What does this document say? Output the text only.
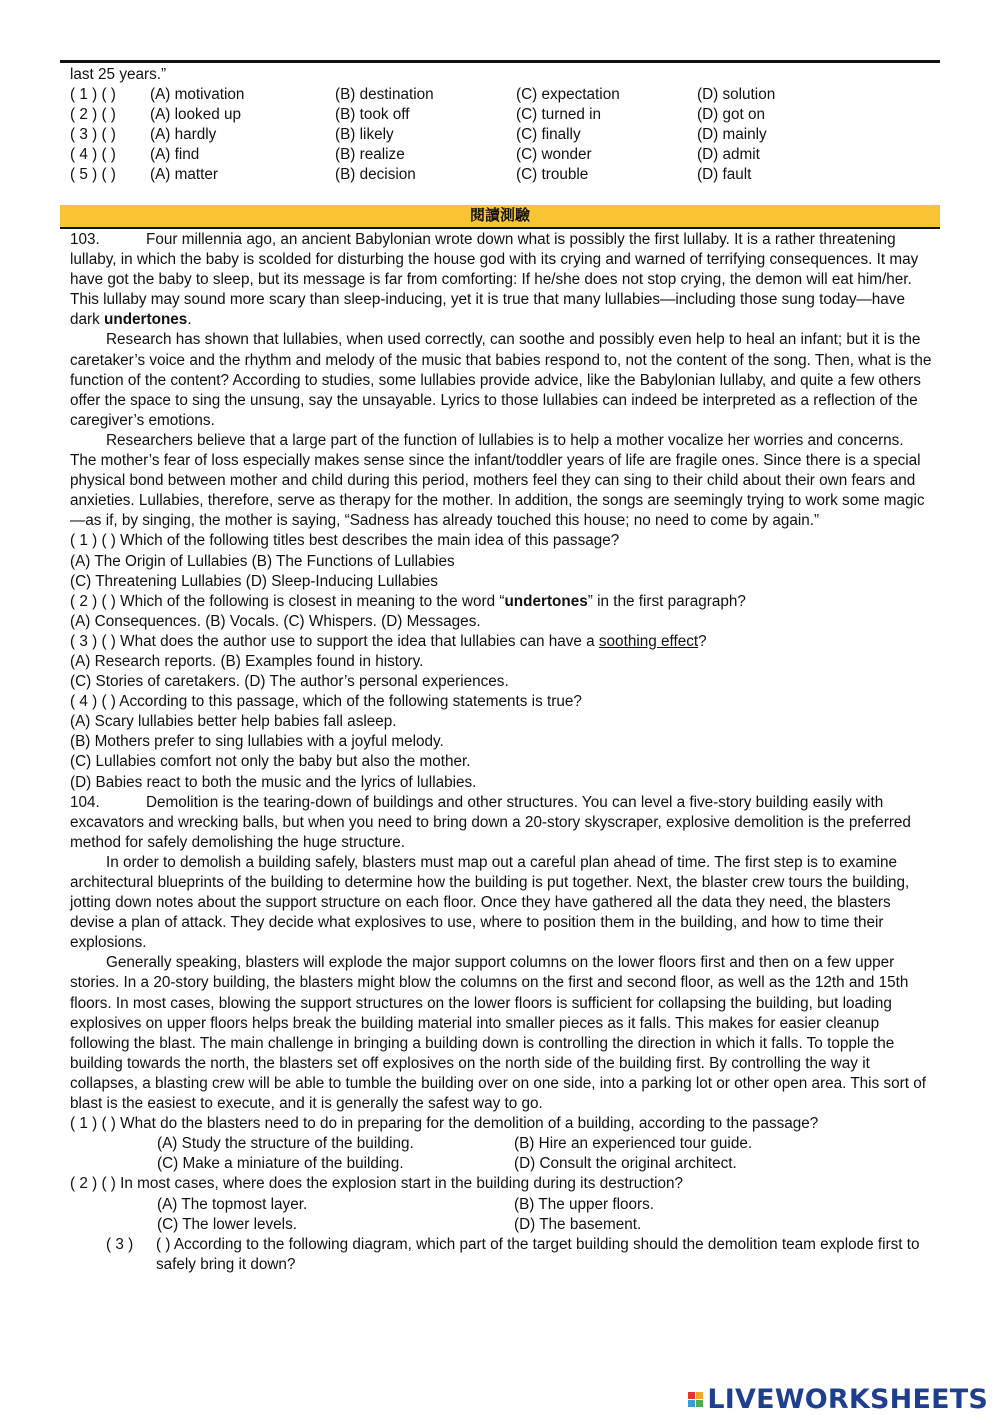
last 25 years.”

( 1 ) ( )	(A) motivation	(B) destination	(C) expectation	(D) solution
( 2 ) ( )	(A) looked up	(B) took off	(C) turned in	(D) got on
( 3 ) ( )	(A) hardly	(B) likely	(C) finally	(D) mainly
( 4 ) ( )	(A) find	(B) realize	(C) wonder	(D) admit
( 5 ) ( )	(A) matter	(B) decision	(C) trouble	(D) fault
閱讀測驗

103.	Four millennia ago, an ancient Babylonian wrote down what is possibly the first lullaby. It is a rather threatening lullaby, in which the baby is scolded for disturbing the house god with its crying and warned of terrifying consequences. It may have got the baby to sleep, but its message is far from comforting: If he/she does not stop crying, the demon will eat him/her. This lullaby may sound more scary than sleep-inducing, yet it is true that many lullabies—including those sung today—have dark undertones.

Research has shown that lullabies, when used correctly, can soothe and possibly even help to heal an infant; but it is the caretaker’s voice and the rhythm and melody of the music that babies respond to, not the content of the song. Then, what is the function of the content? According to studies, some lullabies provide advice, like the Babylonian lullaby, and quite a few others offer the space to sing the unsung, say the unsayable. Lyrics to those lullabies can indeed be interpreted as a reflection of the caregiver’s emotions.

Researchers believe that a large part of the function of lullabies is to help a mother vocalize her worries and concerns. The mother’s fear of loss especially makes sense since the infant/toddler years of life are fragile ones. Since there is a special physical bond between mother and child during this period, mothers feel they can sing to their child about their own fears and anxieties. Lullabies, therefore, serve as therapy for the mother. In addition, the songs are seemingly trying to work some magic—as if, by singing, the mother is saying, “Sadness has already touched this house; no need to come by again.”

( 1 ) ( ) Which of the following titles best describes the main idea of this passage?

(A) The Origin of Lullabies (B) The Functions of Lullabies

(C) Threatening Lullabies (D) Sleep-Inducing Lullabies

( 2 ) ( ) Which of the following is closest in meaning to the word “undertones” in the first paragraph?

(A) Consequences. (B) Vocals. (C) Whispers. (D) Messages.

( 3 ) ( ) What does the author use to support the idea that lullabies can have a soothing effect?

(A) Research reports. (B) Examples found in history.

(C) Stories of caretakers. (D) The author’s personal experiences.

( 4 ) ( ) According to this passage, which of the following statements is true?

(A) Scary lullabies better help babies fall asleep.

(B) Mothers prefer to sing lullabies with a joyful melody.

(C) Lullabies comfort not only the baby but also the mother.

(D) Babies react to both the music and the lyrics of lullabies.

104.	Demolition is the tearing-down of buildings and other structures. You can level a five-story building easily with excavators and wrecking balls, but when you need to bring down a 20-story skyscraper, explosive demolition is the preferred method for safely demolishing the huge structure.

In order to demolish a building safely, blasters must map out a careful plan ahead of time. The first step is to examine architectural blueprints of the building to determine how the building is put together. Next, the blaster crew tours the building, jotting down notes about the support structure on each floor. Once they have gathered all the data they need, the blasters devise a plan of attack. They decide what explosives to use, where to position them in the building, and how to time their explosions.

Generally speaking, blasters will explode the major support columns on the lower floors first and then on a few upper stories. In a 20-story building, the blasters might blow the columns on the first and second floor, as well as the 12th and 15th floors. In most cases, blowing the support structures on the lower floors is sufficient for collapsing the building, but loading explosives on upper floors helps break the building material into smaller pieces as it falls. This makes for easier cleanup following the blast. The main challenge in bringing a building down is controlling the direction in which it falls. To topple the building towards the north, the blasters set off explosives on the north side of the building first. By controlling the way it collapses, a blasting crew will be able to tumble the building over on one side, into a parking lot or other open area. This sort of blast is the easiest to execute, and it is generally the safest way to go.

( 1 ) ( ) What do the blasters need to do in preparing for the demolition of a building, according to the passage?

(A) Study the structure of the building.	(B) Hire an experienced tour guide.
(C) Make a miniature of the building.	(D) Consult the original architect.

( 2 ) ( ) In most cases, where does the explosion start in the building during its destruction?

(A) The topmost layer.	(B) The upper floors.
(C) The lower levels.	(D) The basement.

( 3 ) ( ) According to the following diagram, which part of the target building should the demolition team explode first to safely bring it down?

LIVEWORKSHEETS
